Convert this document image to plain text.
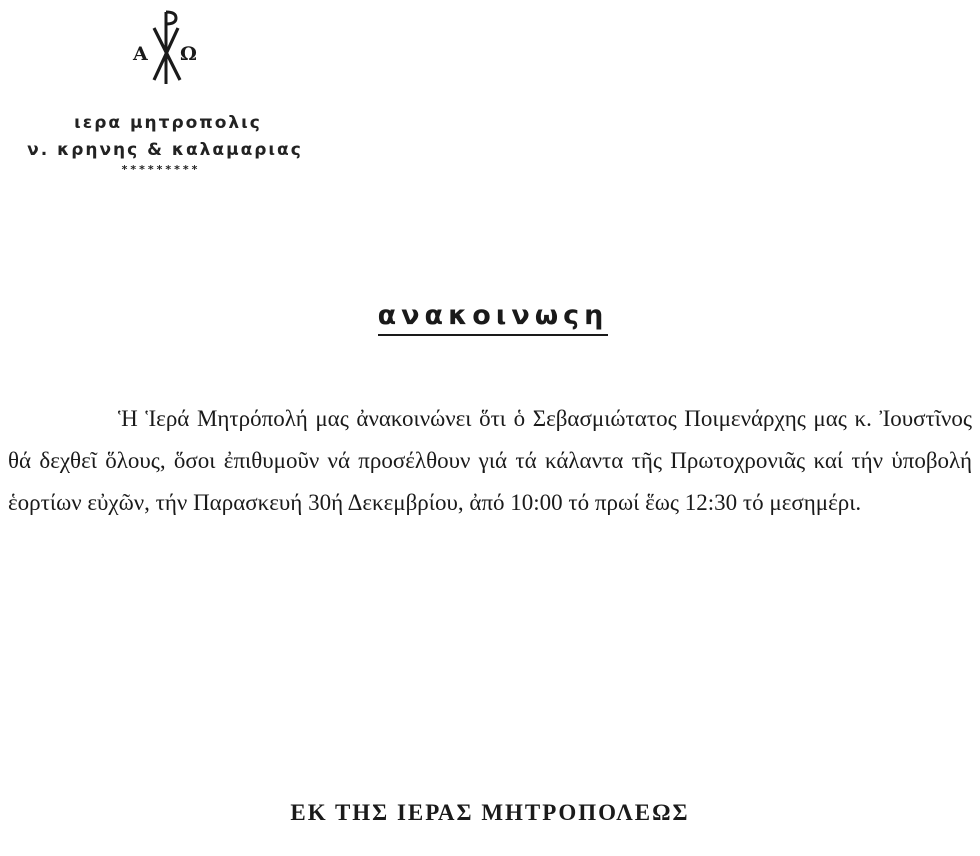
Α Ω
ιερα μητροπολις
ν. κρηνης & καλαμαριας
*********
ανακοινωςη

Ἡ Ἱερά Μητρόπολή μας ἀνακοινώνει ὅτι ὁ Σεβασμιώτατος Ποιμενάρχης μας κ. Ἰουστῖνος θά δεχθεῖ ὅλους, ὅσοι ἐπιθυμοῦν νά προσέλθουν γιά τά κάλαντα τῆς Πρωτοχρονιᾶς καί τήν ὑποβολή ἑορτίων εὐχῶν, τήν Παρασκευή 30ή Δεκεμβρίου, ἀπό 10:00 τό πρωί ἕως 12:30 τό μεσημέρι.

ΕΚ ΤΗΣ ΙΕΡΑΣ ΜΗΤΡΟΠΟΛΕΩΣ
